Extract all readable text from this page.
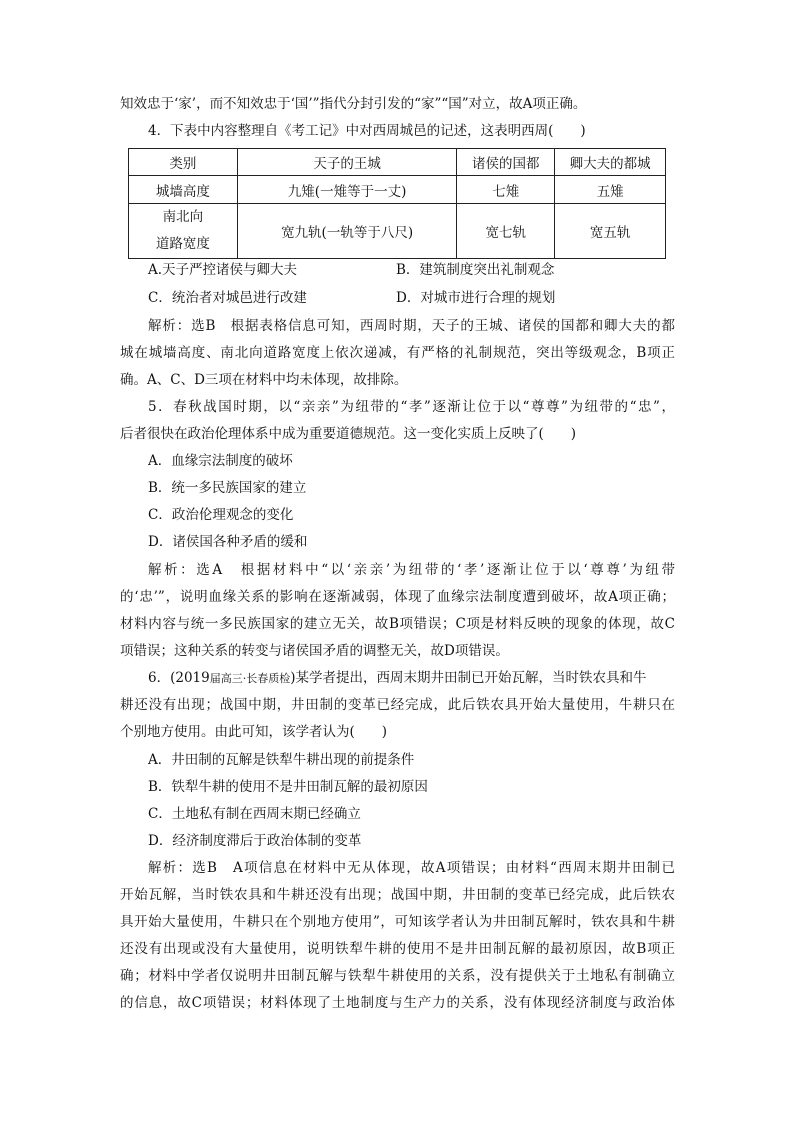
知效忠于‘家’，而不知效忠于‘国’”指代分封引发的“家”“国”对立，故A项正确。
4．下表中内容整理自《考工记》中对西周城邑的记述，这表明西周(　　)
类别	天子的王城	诸侯的国都	卿大夫的都城
城墙高度	九雉(一雉等于一丈)	七雉	五雉

南北向
道路宽度	宽九轨(一轨等于八尺)	宽七轨	宽五轨
A.天子严控诸侯与卿大夫	B．建筑制度突出礼制观念
C．统治者对城邑进行改建	D．对城市进行合理的规划
解析：选B　根据表格信息可知，西周时期，天子的王城、诸侯的国都和卿大夫的都
城在城墙高度、南北向道路宽度上依次递减，有严格的礼制规范，突出等级观念，B项正
确。A、C、D三项在材料中均未体现，故排除。
5．春秋战国时期，以“亲亲”为纽带的“孝”逐渐让位于以“尊尊”为纽带的“忠”，
后者很快在政治伦理体系中成为重要道德规范。这一变化实质上反映了(　　)
A．血缘宗法制度的破坏
B．统一多民族国家的建立
C．政治伦理观念的变化
D．诸侯国各种矛盾的缓和
解析：选A　根据材料中“以‘亲亲’为纽带的‘孝’逐渐让位于以‘尊尊’为纽带
的‘忠’”，说明血缘关系的影响在逐渐减弱，体现了血缘宗法制度遭到破坏，故A项正确；
材料内容与统一多民族国家的建立无关，故B项错误；C项是材料反映的现象的体现，故C
项错误；这种关系的转变与诸侯国矛盾的调整无关，故D项错误。
6．(2019届高三·长春质检)某学者提出，西周末期井田制已开始瓦解，当时铁农具和牛
耕还没有出现；战国中期，井田制的变革已经完成，此后铁农具开始大量使用，牛耕只在
个别地方使用。由此可知，该学者认为(　　)
A．井田制的瓦解是铁犁牛耕出现的前提条件
B．铁犁牛耕的使用不是井田制瓦解的最初原因
C．土地私有制在西周末期已经确立
D．经济制度滞后于政治体制的变革
解析：选B　A项信息在材料中无从体现，故A项错误；由材料“西周末期井田制已
开始瓦解，当时铁农具和牛耕还没有出现；战国中期，井田制的变革已经完成，此后铁农
具开始大量使用，牛耕只在个别地方使用”，可知该学者认为井田制瓦解时，铁农具和牛耕
还没有出现或没有大量使用，说明铁犁牛耕的使用不是井田制瓦解的最初原因，故B项正
确；材料中学者仅说明井田制瓦解与铁犁牛耕使用的关系，没有提供关于土地私有制确立
的信息，故C项错误；材料体现了土地制度与生产力的关系，没有体现经济制度与政治体
